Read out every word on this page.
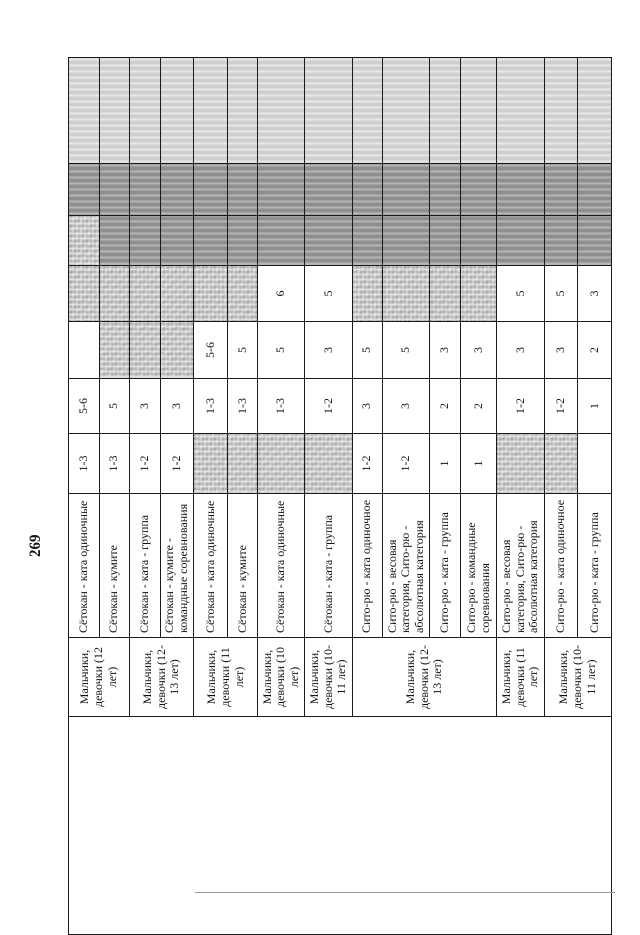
269
	Мальчики, девочки (12 лет)	Сётокан - ката одиночные	1-3	5-6					
		Сётокан - кумите	1-3	5					
	Мальчики, девочки (12-13 лет)	Сётокан - ката - группа	1-2	3					
		Сётокан - кумите - командные соревнования	1-2	3					
	Мальчики, девочки (11 лет)	Сётокан - ката одиночные		1-3	5-6				
		Сётокан - кумите		1-3	5				
	Мальчики, девочки (10 лет)	Сётокан - ката одиночные		1-3	5	6			
	Мальчики, девочки (10-11 лет)	Сётокан - ката - группа		1-2	3	5			
	Мальчики, девочки (12-13 лет)	Сито-рю - ката одиночное	1-2	3	5				
		Сито-рю - весовая категория, Сито-рю - абсолютная категория	1-2	3	5				
		Сито-рю - ката - группа	1	2	3				
		Сито-рю - командные соревнования	1	2	3				
	Мальчики, девочки (11 лет)	Сито-рю - весовая категория, Сито-рю - абсолютная категория		1-2	3	5			
	Мальчики, девочки (10-11 лет)	Сито-рю - ката одиночное		1-2	3	5			
		Сито-рю - ката - группа		1	2	3			
